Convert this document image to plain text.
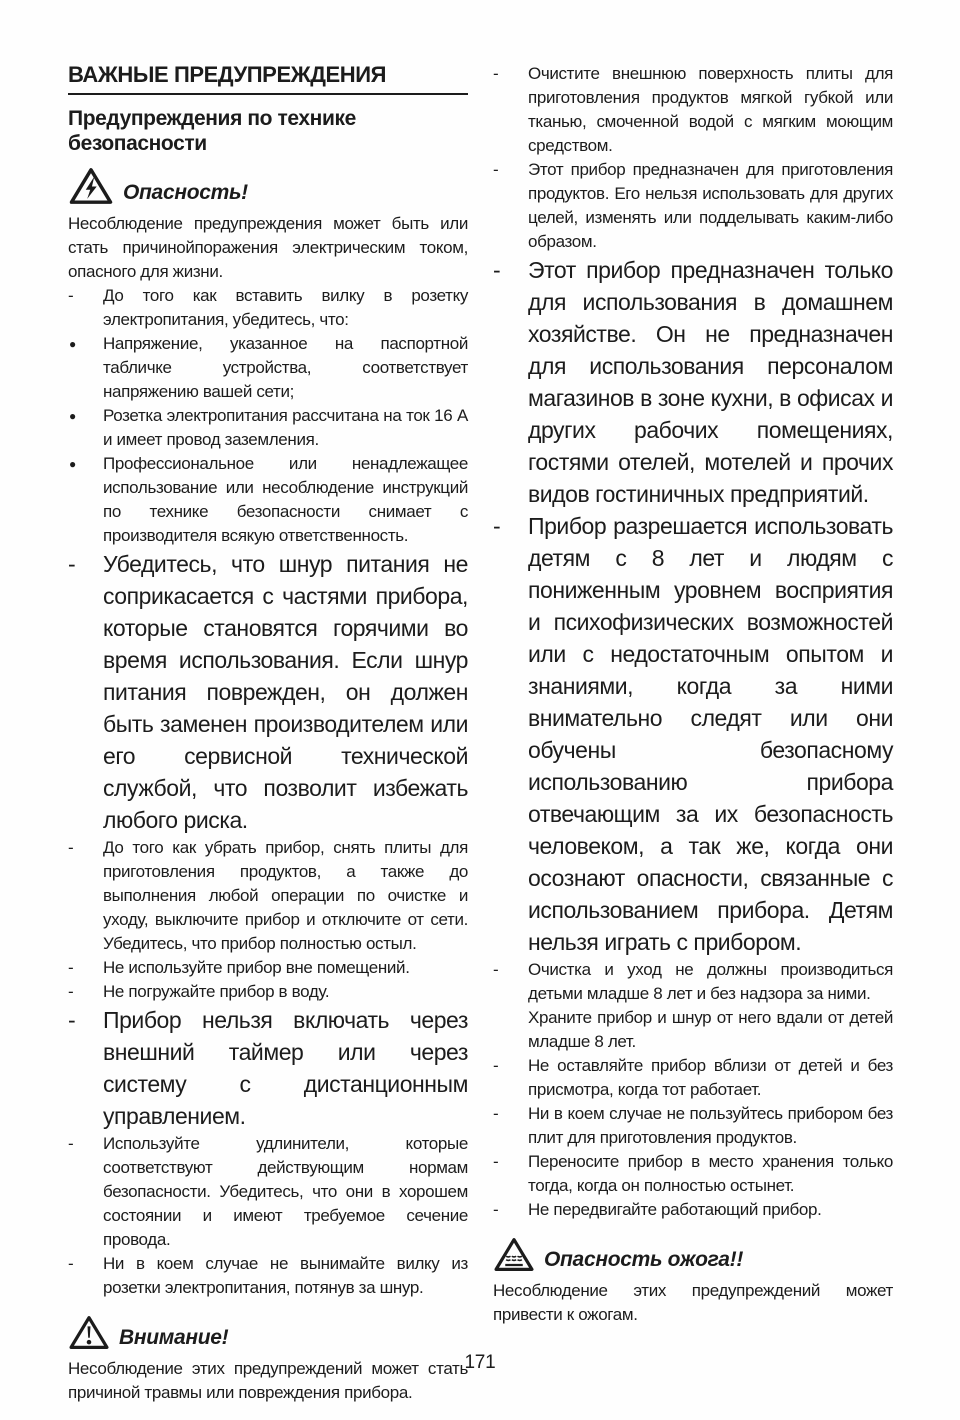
ВАЖНЫЕ ПРЕДУПРЕЖДЕНИЯ
Предупреждения по технике безопасности
Опасность!

Несоблюдение предупреждения может быть или стать причинойпоражения электрическим током, опасного для жизни.

-	До того как вставить вилку в розетку электропитания, убедитесь, что:
●	Напряжение, указанное на паспортной табличке устройства, соответствует напряжению вашей сети;
●	Розетка электропитания рассчитана на ток 16 А и имеет провод заземления.
●	Профессиональное или ненадлежащее использование или несоблюдение инструкций по технике безопасности снимает с производителя всякую ответственность.
-	Убедитесь, что шнур питания не соприкасается с частями прибора, которые становятся горячими во время использования. Если шнур питания поврежден, он должен быть заменен производителем или его сервисной технической службой, что позволит избежать любого риска.
-	До того как убрать прибор, снять плиты для приготовления продуктов, а также до выполнения любой операции по очистке и уходу, выключите прибор и отключите от сети. Убедитесь, что прибор полностью остыл.
-	Не используйте прибор вне помещений.
-	Не погружайте прибор в воду.
-	Прибор нельзя включать через внешний таймер или через систему с дистанционным управлением.
-	Используйте удлинители, которые соответствуют действующим нормам безопасности. Убедитесь, что они в хорошем состоянии и имеют требуемое сечение провода.
-	Ни в коем случае не вынимайте вилку из розетки электропитания, потянув за шнур.
Внимание!

Несоблюдение этих предупреждений может стать причиной травмы или повреждения прибора.

-	Очистите внешнюю поверхность плиты для приготовления продуктов мягкой губкой или тканью, смоченной водой с мягким моющим средством.
-	Этот прибор предназначен для приготовления продуктов. Его нельзя использовать для других целей, изменять или подделывать каким-либо образом.
-	Этот прибор предназначен только для использования в домашнем хозяйстве. Он не предназначен для использования персоналом магазинов в зоне кухни, в офисах и других рабочих помещениях, гостями отелей, мотелей и прочих видов гостиничных предприятий.
-	Прибор разрешается использовать детям с 8 лет и людям с пониженным уровнем восприятия и психофизических возможностей или с недостаточным опытом и знаниями, когда за ними внимательно следят или они обучены безопасному использованию прибора отвечающим за их безопасность человеком, а так же, когда они осознают опасности, связанные с использованием прибора. Детям нельзя играть с прибором.
-	Очистка и уход не должны производиться детьми младше 8 лет и без надзора за ними.
Храните прибор и шнур от него вдали от детей младше 8 лет.
-	Не оставляйте прибор вблизи от детей и без присмотра, когда тот работает.
-	Ни в коем случае не пользуйтесь прибором без плит для приготовления продуктов.
-	Переносите прибор в место хранения только тогда, когда он полностью остынет.
-	Не передвигайте работающий прибор.
Опасность ожога!!

Несоблюдение этих предупреждений может привести к ожогам.

171
